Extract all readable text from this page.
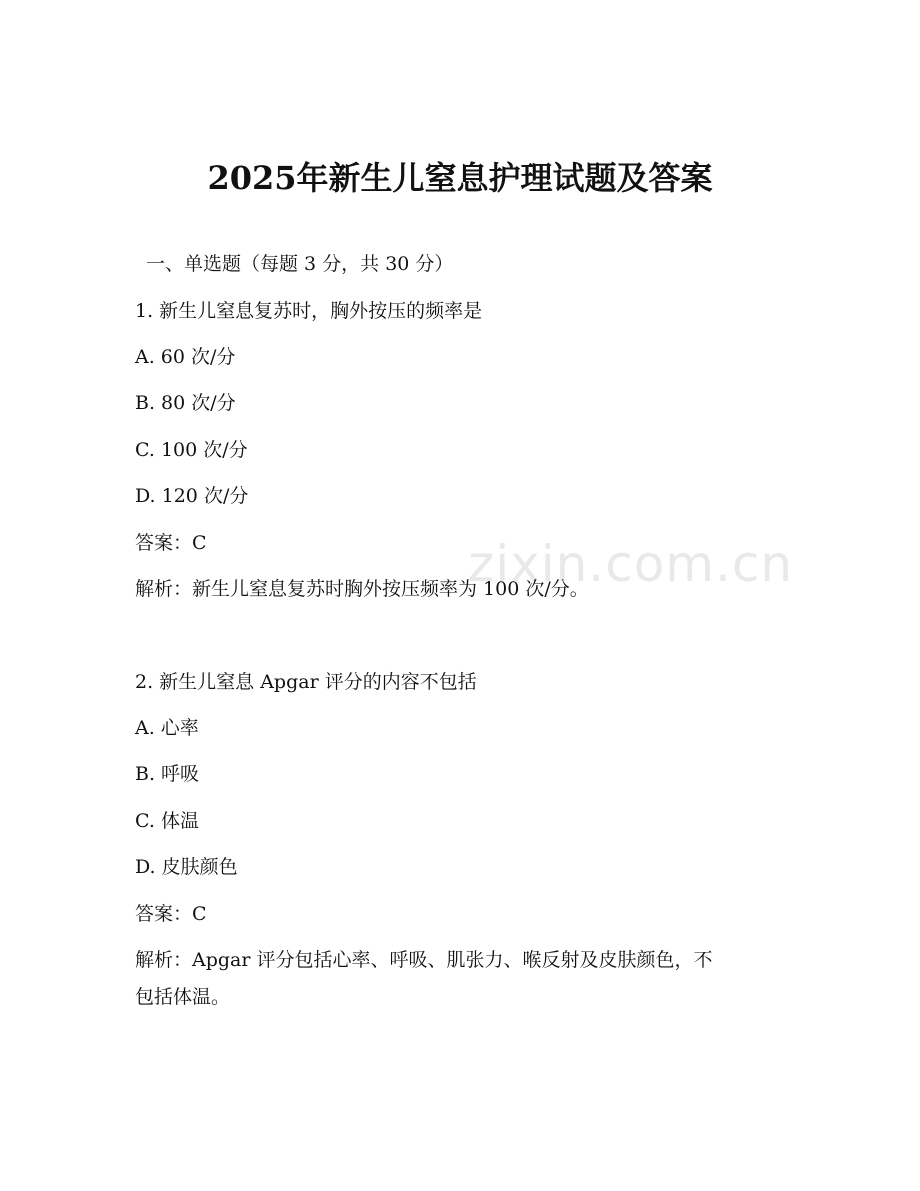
2025年新生儿窒息护理试题及答案
zixin.com.cn
一、单选题（每题 3 分，共 30 分）
1. 新生儿窒息复苏时，胸外按压的频率是
A. 60 次/分
B. 80 次/分
C. 100 次/分
D. 120 次/分
答案：C
解析：新生儿窒息复苏时胸外按压频率为 100 次/分。
2. 新生儿窒息 Apgar 评分的内容不包括
A. 心率
B. 呼吸
C. 体温
D. 皮肤颜色
答案：C
解析：Apgar 评分包括心率、呼吸、肌张力、喉反射及皮肤颜色，不
包括体温。
